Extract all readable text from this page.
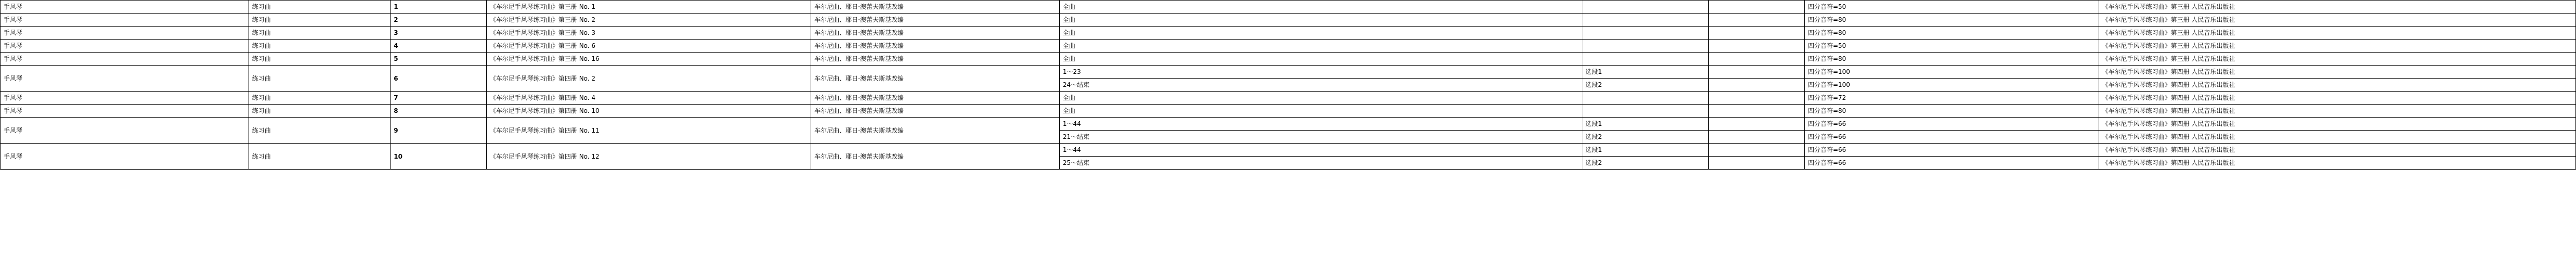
手风琴	练习曲	1	《车尔尼手风琴练习曲》第三册 No. 1	车尔尼曲、耶日·澳蕾夫斯基改编	全曲			四分音符=50	《车尔尼手风琴练习曲》第三册 人民音乐出版社
手风琴	练习曲	2	《车尔尼手风琴练习曲》第三册 No. 2	车尔尼曲、耶日·澳蕾夫斯基改编	全曲			四分音符=80	《车尔尼手风琴练习曲》第三册 人民音乐出版社
手风琴	练习曲	3	《车尔尼手风琴练习曲》第三册 No. 3	车尔尼曲、耶日·澳蕾夫斯基改编	全曲			四分音符=80	《车尔尼手风琴练习曲》第三册 人民音乐出版社
手风琴	练习曲	4	《车尔尼手风琴练习曲》第三册 No. 6	车尔尼曲、耶日·澳蕾夫斯基改编	全曲			四分音符=50	《车尔尼手风琴练习曲》第三册 人民音乐出版社
手风琴	练习曲	5	《车尔尼手风琴练习曲》第三册 No. 16	车尔尼曲、耶日·澳蕾夫斯基改编	全曲			四分音符=80	《车尔尼手风琴练习曲》第三册 人民音乐出版社
手风琴	练习曲	6	《车尔尼手风琴练习曲》第四册 No. 2	车尔尼曲、耶日·澳蕾夫斯基改编	1～23	选段1		四分音符=100	《车尔尼手风琴练习曲》第四册 人民音乐出版社
					24～结束	选段2		四分音符=100	《车尔尼手风琴练习曲》第四册 人民音乐出版社
手风琴	练习曲	7	《车尔尼手风琴练习曲》第四册 No. 4	车尔尼曲、耶日·澳蕾夫斯基改编	全曲			四分音符=72	《车尔尼手风琴练习曲》第四册 人民音乐出版社
手风琴	练习曲	8	《车尔尼手风琴练习曲》第四册 No. 10	车尔尼曲、耶日·澳蕾夫斯基改编	全曲			四分音符=80	《车尔尼手风琴练习曲》第四册 人民音乐出版社
手风琴	练习曲	9	《车尔尼手风琴练习曲》第四册 No. 11	车尔尼曲、耶日·澳蕾夫斯基改编	1～44	选段1		四分音符=66	《车尔尼手风琴练习曲》第四册 人民音乐出版社
					21～结束	选段2		四分音符=66	《车尔尼手风琴练习曲》第四册 人民音乐出版社
手风琴	练习曲	10	《车尔尼手风琴练习曲》第四册 No. 12	车尔尼曲、耶日·澳蕾夫斯基改编	1～44	选段1		四分音符=66	《车尔尼手风琴练习曲》第四册 人民音乐出版社
					25～结束	选段2		四分音符=66	《车尔尼手风琴练习曲》第四册 人民音乐出版社
